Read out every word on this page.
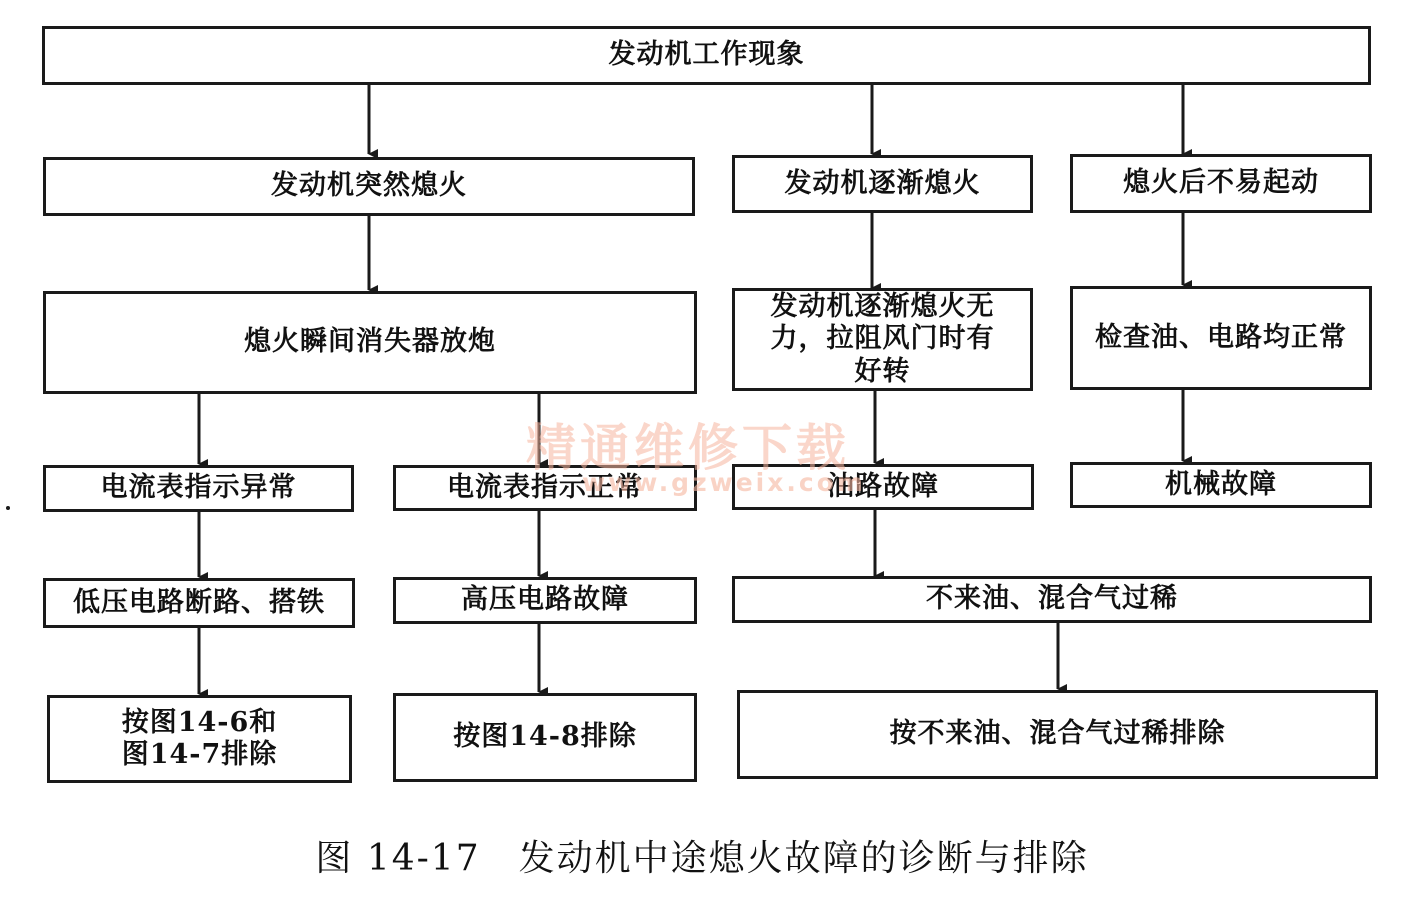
发动机工作现象
发动机突然熄火	发动机逐渐熄火	熄火后不易起动
熄火瞬间消失器放炮
发动机逐渐熄火无
力，拉阻风门时有
好转
检查油、电路均正常
电流表指示异常	电流表指示正常	油路故障	机械故障
低压电路断路、搭铁	高压电路故障	不来油、混合气过稀
按图14-6和
图14-7排除
按图14-8排除	按不来油、混合气过稀排除
精通维修下载
www.gzweix.com
图 14-17　发动机中途熄火故障的诊断与排除
